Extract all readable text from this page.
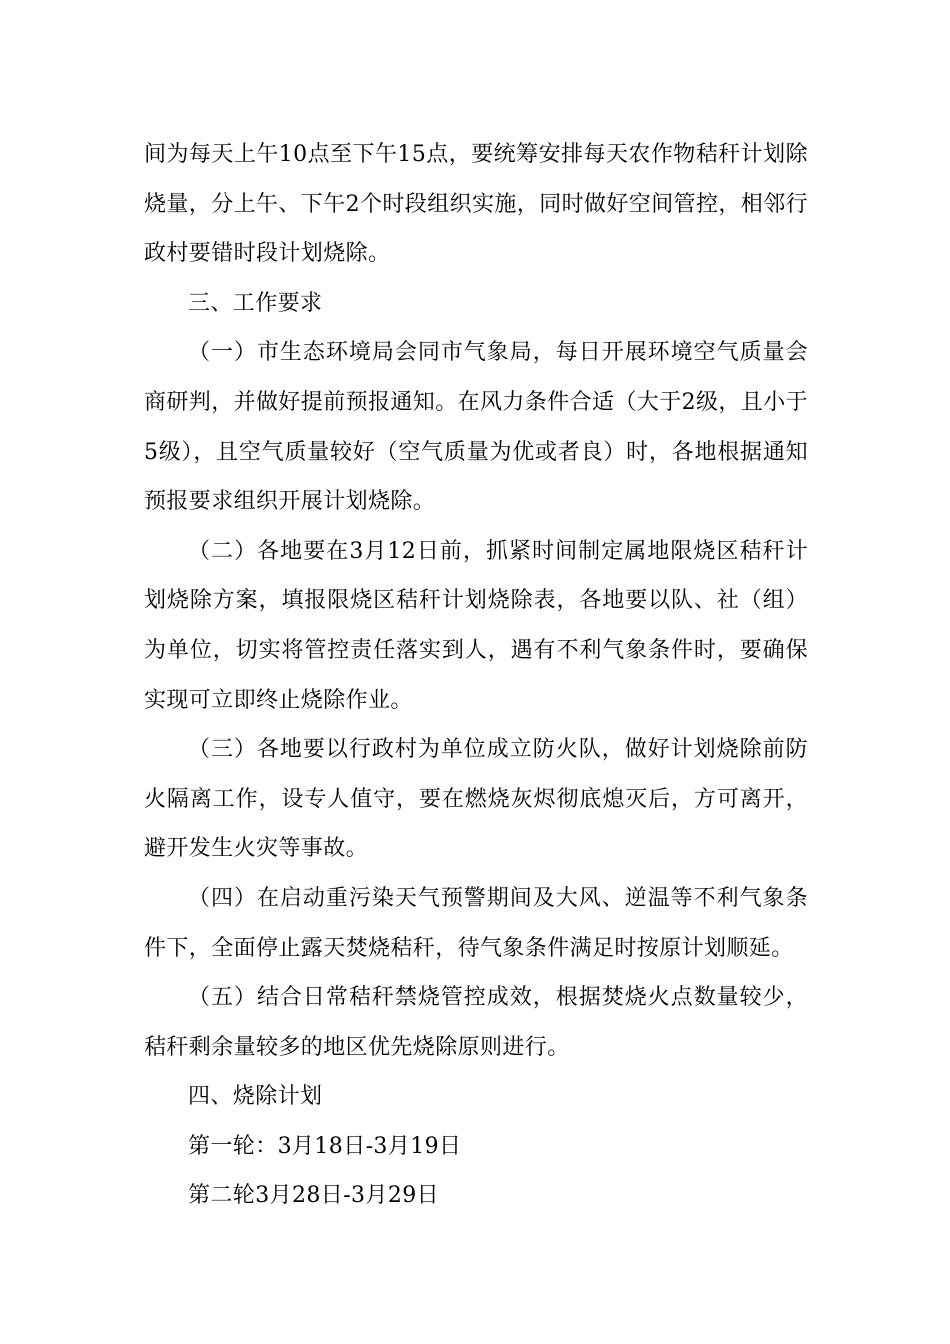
间为每天上午10点至下午15点，要统筹安排每天农作物秸秆计划除烧量，分上午、下午2个时段组织实施，同时做好空间管控，相邻行政村要错时段计划烧除。

三、工作要求

（一）市生态环境局会同市气象局，每日开展环境空气质量会商研判，并做好提前预报通知。在风力条件合适（大于2级，且小于5级），且空气质量较好（空气质量为优或者良）时，各地根据通知预报要求组织开展计划烧除。

（二）各地要在3月12日前，抓紧时间制定属地限烧区秸秆计划烧除方案，填报限烧区秸秆计划烧除表，各地要以队、社（组）为单位，切实将管控责任落实到人，遇有不利气象条件时，要确保实现可立即终止烧除作业。

（三）各地要以行政村为单位成立防火队，做好计划烧除前防火隔离工作，设专人值守，要在燃烧灰烬彻底熄灭后，方可离开，避开发生火灾等事故。

（四）在启动重污染天气预警期间及大风、逆温等不利气象条件下，全面停止露天焚烧秸秆，待气象条件满足时按原计划顺延。

（五）结合日常秸秆禁烧管控成效，根据焚烧火点数量较少，秸秆剩余量较多的地区优先烧除原则进行。

四、烧除计划

第一轮：3月18日-3月19日

第二轮3月28日-3月29日
